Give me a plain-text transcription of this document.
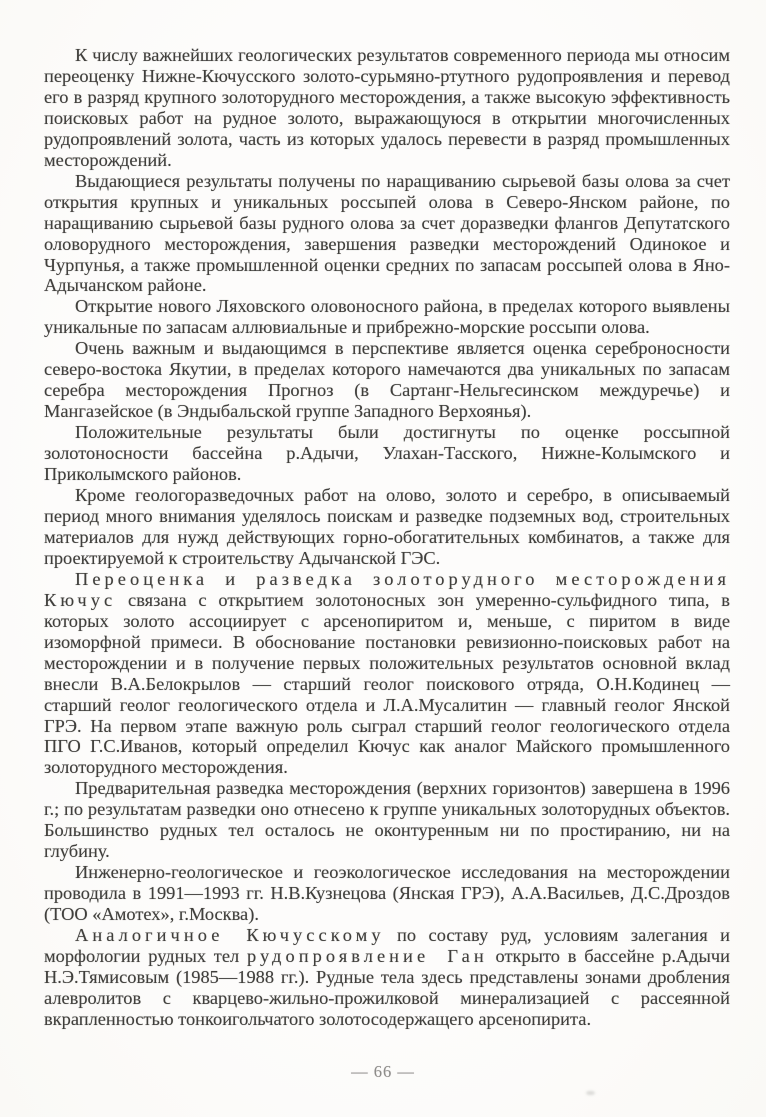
К числу важнейших геологических результатов современного периода мы относим переоценку Нижне-Кючусского золото-сурьмяно-ртутного рудопроявления и перевод его в разряд крупного золоторудного месторождения, а также высокую эффективность поисковых работ на рудное золото, выражающуюся в открытии многочисленных рудопроявлений золота, часть из которых удалось перевести в разряд промышленных месторождений.

Выдающиеся результаты получены по наращиванию сырьевой базы олова за счет открытия крупных и уникальных россыпей олова в Северо-Янском районе, по наращиванию сырьевой базы рудного олова за счет доразведки флангов Депутатского оловорудного месторождения, завершения разведки месторождений Одинокое и Чурпунья, а также промышленной оценки средних по запасам россыпей олова в Яно-Адычанском районе.

Открытие нового Ляховского оловоносного района, в пределах которого выявлены уникальные по запасам аллювиальные и прибрежно-морские россыпи олова.

Очень важным и выдающимся в перспективе является оценка сереброносности северо-востока Якутии, в пределах которого намечаются два уникальных по запасам серебра месторождения Прогноз (в Сартанг-Нельгесинском междуречье) и Мангазейское (в Эндыбальской группе Западного Верхоянья).

Положительные результаты были достигнуты по оценке россыпной золотоносности бассейна р.Адычи, Улахан-Тасского, Нижне-Колымского и Приколымского районов.

Кроме геологоразведочных работ на олово, золото и серебро, в описываемый период много внимания уделялось поискам и разведке подземных вод, строительных материалов для нужд действующих горно-обогатительных комбинатов, а также для проектируемой к строительству Адычанской ГЭС.

Переоценка и разведка золоторудного месторождения Кючус связана с открытием золотоносных зон умеренно-сульфидного типа, в которых золото ассоциирует с арсенопиритом и, меньше, с пиритом в виде изоморфной примеси. В обоснование постановки ревизионно-поисковых работ на месторождении и в получение первых положительных результатов основной вклад внесли В.А.Белокрылов — старший геолог поискового отряда, О.Н.Кодинец — старший геолог геологического отдела и Л.А.Мусалитин — главный геолог Янской ГРЭ. На первом этапе важную роль сыграл старший геолог геологического отдела ПГО Г.С.Иванов, который определил Кючус как аналог Майского промышленного золоторудного месторождения.

Предварительная разведка месторождения (верхних горизонтов) завершена в 1996 г.; по результатам разведки оно отнесено к группе уникальных золоторудных объектов. Большинство рудных тел осталось не оконтуренным ни по простиранию, ни на глубину.

Инженерно-геологическое и геоэкологическое исследования на месторождении проводила в 1991—1993 гг. Н.В.Кузнецова (Янская ГРЭ), А.А.Васильев, Д.С.Дроздов (ТОО «Амотех», г.Москва).

Аналогичное Кючусскому по составу руд, условиям залегания и морфологии рудных тел рудопроявление Ган открыто в бассейне р.Адычи Н.Э.Тямисовым (1985—1988 гг.). Рудные тела здесь представлены зонами дробления алевролитов с кварцево-жильно-прожилковой минерализацией с рассеянной вкрапленностью тонкоигольчатого золотосодержащего арсенопирита.

— 66 —
